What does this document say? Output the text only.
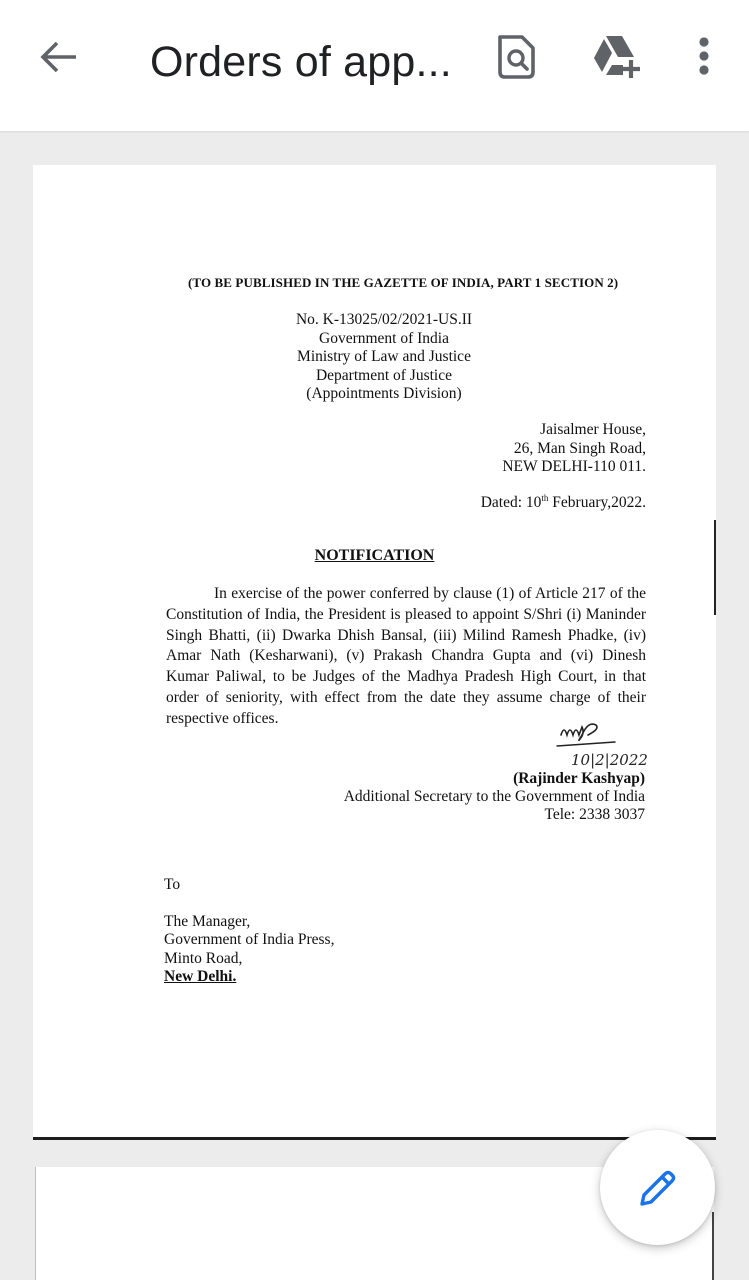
Orders of app...
(TO BE PUBLISHED IN THE GAZETTE OF INDIA, PART 1 SECTION 2)
No. K-13025/02/2021-US.II
Government of India
Ministry of Law and Justice
Department of Justice
(Appointments Division)
Jaisalmer House,
26, Man Singh Road,
NEW DELHI-110 011.
Dated: 10th February,2022.
NOTIFICATION
In exercise of the power conferred by clause (1) of Article 217 of the Constitution of India, the President is pleased to appoint S/Shri (i) Maninder Singh Bhatti, (ii) Dwarka Dhish Bansal, (iii) Milind Ramesh Phadke, (iv) Amar Nath (Kesharwani), (v) Prakash Chandra Gupta and (vi) Dinesh Kumar Paliwal, to be Judges of the Madhya Pradesh High Court, in that order of seniority, with effect from the date they assume charge of their respective offices.
10|2|2022
(Rajinder Kashyap)
Additional Secretary to the Government of India
Tele: 2338 3037
To
The Manager,
Government of India Press,
Minto Road,
New Delhi.
